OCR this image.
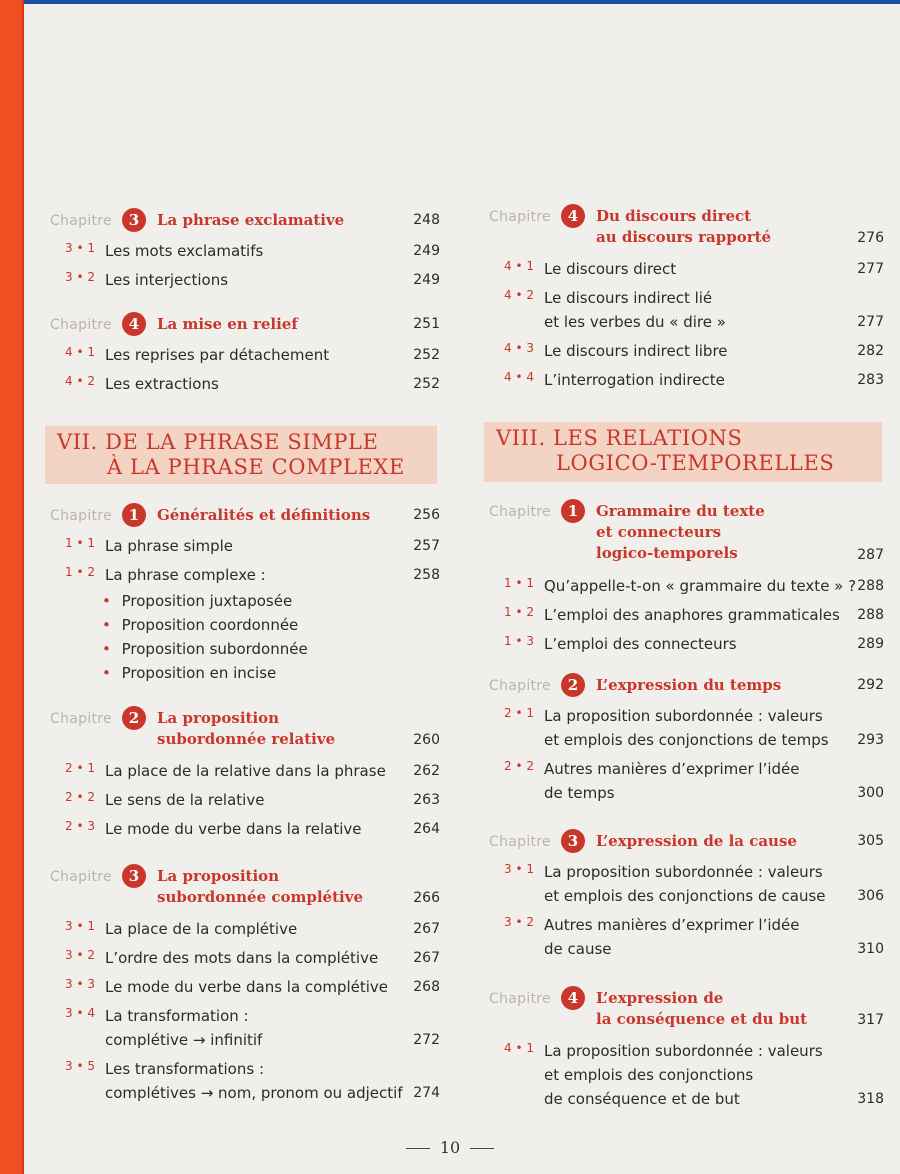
VII. DE LA PHRASE SIMPLE
À LA PHRASE COMPLEXE
Chapitre	3	La phrase exclamative	248
3 • 1 Les mots exclamatifs	249
3 • 2 Les interjections	249
Chapitre	4	La mise en relief	251
4 • 1 Les reprises par détachement	252
4 • 2 Les extractions	252
Chapitre	1	Généralités et définitions	256
1 • 1 La phrase simple	257
1 • 2 La phrase complexe :	258
• Proposition juxtaposée
• Proposition coordonnée
• Proposition subordonnée
• Proposition en incise
Chapitre	2	La proposition
subordonnée relative	260
2 • 1 La place de la relative dans la phrase	262
2 • 2 Le sens de la relative	263
2 • 3 Le mode du verbe dans la relative	264
Chapitre	3	La proposition
subordonnée complétive	266
3 • 1 La place de la complétive	267
3 • 2 L’ordre des mots dans la complétive	267
3 • 3 Le mode du verbe dans la complétive	268
3 • 4 La transformation :
complétive → infinitif	272
3 • 5 Les transformations :
complétives → nom, pronom ou adjectif 274
VIII. LES RELATIONS
LOGICO-TEMPORELLES
Chapitre	4	Du discours direct
au discours rapporté	276
4 • 1 Le discours direct	277
4 • 2 Le discours indirect lié
et les verbes du « dire »	277
4 • 3 Le discours indirect libre	282
4 • 4 L’interrogation indirecte	283
Chapitre	1	Grammaire du texte
et connecteurs
logico-temporels	287
1 • 1 Qu’appelle-t-on « grammaire du texte » ? 288
1 • 2 L’emploi des anaphores grammaticales 288
1 • 3 L’emploi des connecteurs	289
Chapitre	2	L’expression du temps	292
2 • 1 La proposition subordonnée : valeurs
et emplois des conjonctions de temps	293
2 • 2 Autres manières d’exprimer l’idée
de temps	300
Chapitre	3	L’expression de la cause	305
3 • 1 La proposition subordonnée : valeurs
et emplois des conjonctions de cause	306
3 • 2 Autres manières d’exprimer l’idée
de cause	310
Chapitre	4	L’expression de
la conséquence et du but	317
4 • 1 La proposition subordonnée : valeurs
et emplois des conjonctions
de conséquence et de but	318
10
